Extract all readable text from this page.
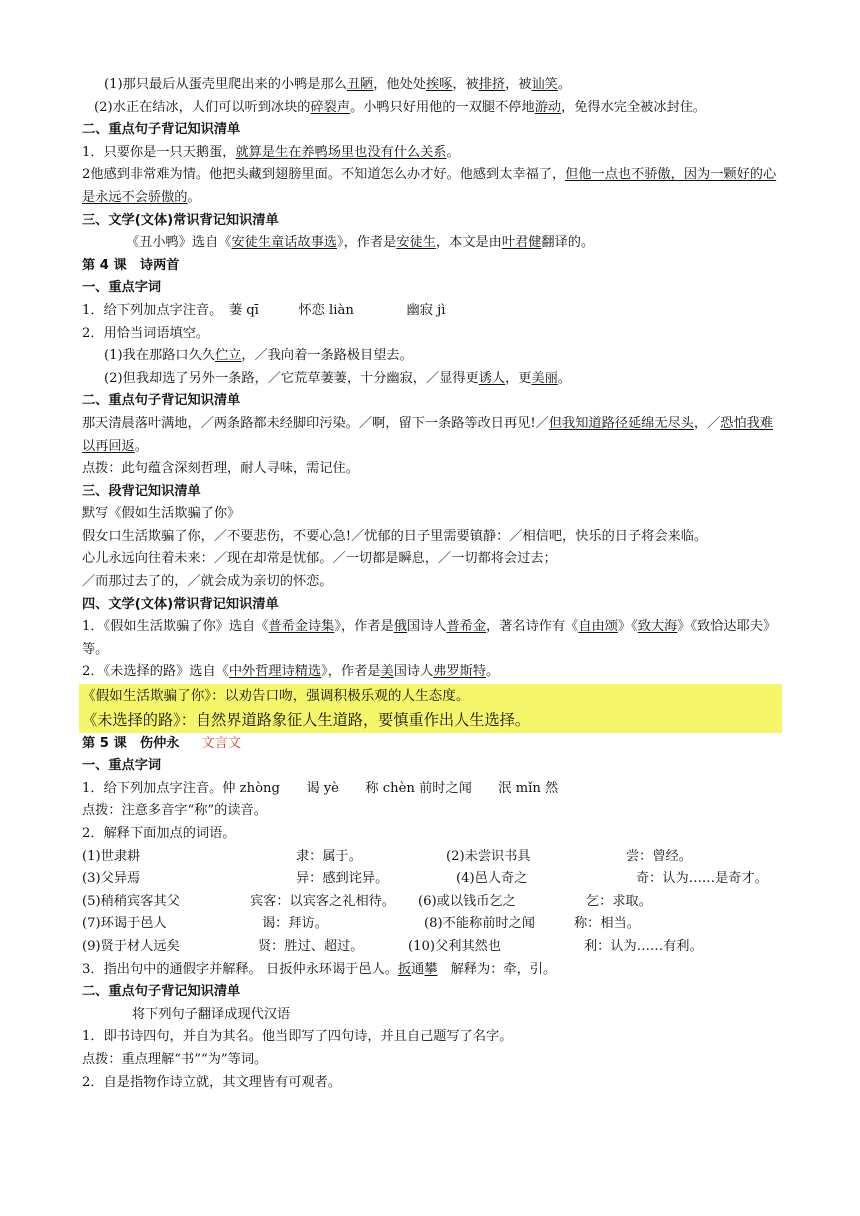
(1)那只最后从蛋壳里爬出来的小鸭是那么丑陋，他处处挨啄，被排挤，被讪笑。
(2)水正在结冰，人们可以听到冰块的碎裂声。小鸭只好用他的一双腿不停地游动，免得水完全被冰封住。
二、重点句子背记知识清单
1．只要你是一只天鹅蛋，就算是生在养鸭场里也没有什么关系。
2他感到非常难为情。他把头藏到翅膀里面。不知道怎么办才好。他感到太幸福了，但他一点也不骄傲，因为一颗好的心是永远不会骄傲的。
三、文学(文体)常识背记知识清单
《丑小鸭》选自《安徒生童话故事选》，作者是安徒生，本文是由叶君健翻译的。
第 4 课　诗两首
一、重点字词
1．给下列加点字注音。　萋 qī　　　怀恋 liàn　　　　幽寂 jì
2．用恰当词语填空。
(1)我在那路口久久伫立，／我向着一条路极目望去。
(2)但我却选了另外一条路，／它荒草萋萋，十分幽寂，／显得更诱人，更美丽。
二、重点句子背记知识清单
那天清晨落叶满地，／两条路都未经脚印污染。／啊，留下一条路等改日再见!／但我知道路径延绵无尽头，／恐怕我难以再回返。
点拨：此句蕴含深刻哲理，耐人寻味，需记住。
三、段背记知识清单
默写《假如生活欺骗了你》
假女口生活欺骗了你，／不要悲伤，不要心急!／忧郁的日子里需要镇静：／相信吧，快乐的日子将会来临。
心儿永远向往着未来：／现在却常是忧郁。／一切都是瞬息，／一切都将会过去；
／而那过去了的，／就会成为亲切的怀恋。
四、文学(文体)常识背记知识清单
1．《假如生活欺骗了你》选自《普希金诗集》，作者是俄国诗人普希金，著名诗作有《自由颂》《致大海》《致恰达耶夫》等。
2．《未选择的路》选自《中外哲理诗精选》，作者是美国诗人弗罗斯特。
《假如生活欺骗了你》：以劝告口吻，强调积极乐观的人生态度。
《未选择的路》：自然界道路象征人生道路，要慎重作出人生选择。
第 5 课　伤仲永 文言文
一、重点字词
1．给下列加点字注音。仲 zhòng　　谒 yè　　称 chèn 前时之闻　　泯 mǐn 然
点拨：注意多音字“称”的读音。
2．解释下面加点的词语。
(1)世隶耕	隶：属于。	(2)未尝识书具	尝：曾经。
(3)父异焉	异：感到诧异。	(4)邑人奇之	奇：认为……是奇才。
(5)稍稍宾客其父	宾客：以宾客之礼相待。	(6)或以钱币乞之	乞：求取。
(7)环谒于邑人	谒：拜访。	(8)不能称前时之闻	称：相当。
(9)贤于材人远矣	贤：胜过、超过。	(10)父利其然也	利：认为……有利。
3．指出句中的通假字并解释。 日扳仲永环谒于邑人。扳通攀　解释为：牵，引。
二、重点句子背记知识清单
将下列句子翻译成现代汉语
1．即书诗四句，并自为其名。他当即写了四句诗，并且自己题写了名字。
点拨：重点理解“书”“为”等词。
2．自是指物作诗立就，其文理皆有可观者。
